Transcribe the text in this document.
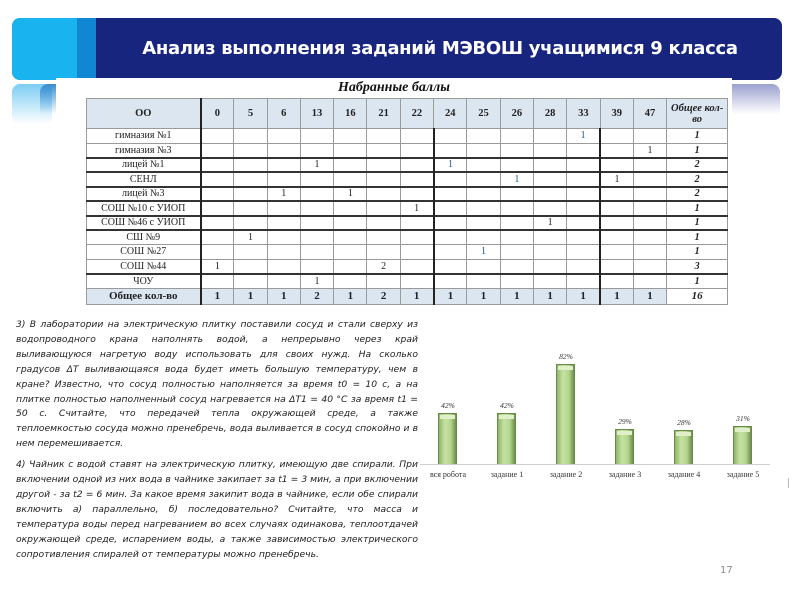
Анализ выполнения заданий МЭВОШ учащимися 9 класса
Набранные баллы
ОО	0	5	6	13	16	21	22	24	25	26	28	33	39	47	Общее кол-во
гимназия №1												1			1
гимназия №3														1	1
лицей №1				1				1							2
СЕНЛ										1			1		2
лицей №3			1		1										2
СОШ №10 с УИОП							1								1
СОШ №46 с УИОП											1				1
СШ №9		1													1
СОШ №27									1						1
СОШ №44	1					2									3
ЧОУ				1											1
Общее кол-во	1	1	1	2	1	2	1	1	1	1	1	1	1	1	16

3) В лаборатории на электрическую плитку поставили сосуд и стали сверху из водопроводного крана наполнять водой, а непрерывно через край выливающуюся нагретую воду использовать для своих нужд. На сколько градусов ΔT выливающаяся вода будет иметь большую температуру, чем в кране? Известно, что сосуд полностью наполняется за время t0 = 10 с, а на плитке полностью наполненный сосуд нагревается на ΔT1 = 40 °С за время t1 = 50 с. Считайте, что передачей тепла окружающей среде, а также теплоемкостью сосуда можно пренебречь, вода выливается в сосуд спокойно и в нем перемешивается.

4) Чайник с водой ставят на электрическую плитку, имеющую две спирали. При включении одной из них вода в чайнике закипает за t1 = 3 мин, а при включении другой - за t2 = 6 мин. За какое время закипит вода в чайнике, если обе спирали включить а) параллельно, б) последовательно? Считайте, что масса и температура воды перед нагреванием во всех случаях одинакова, теплоотдачей окружающей среде, испарением воды, а также зависимостью электрического сопротивления спиралей от температуры можно пренебречь.

42%
вся робота
42%
задание 1
82%
задание 2
29%
задание 3
28%
задание 4
31%
задание 5
17
